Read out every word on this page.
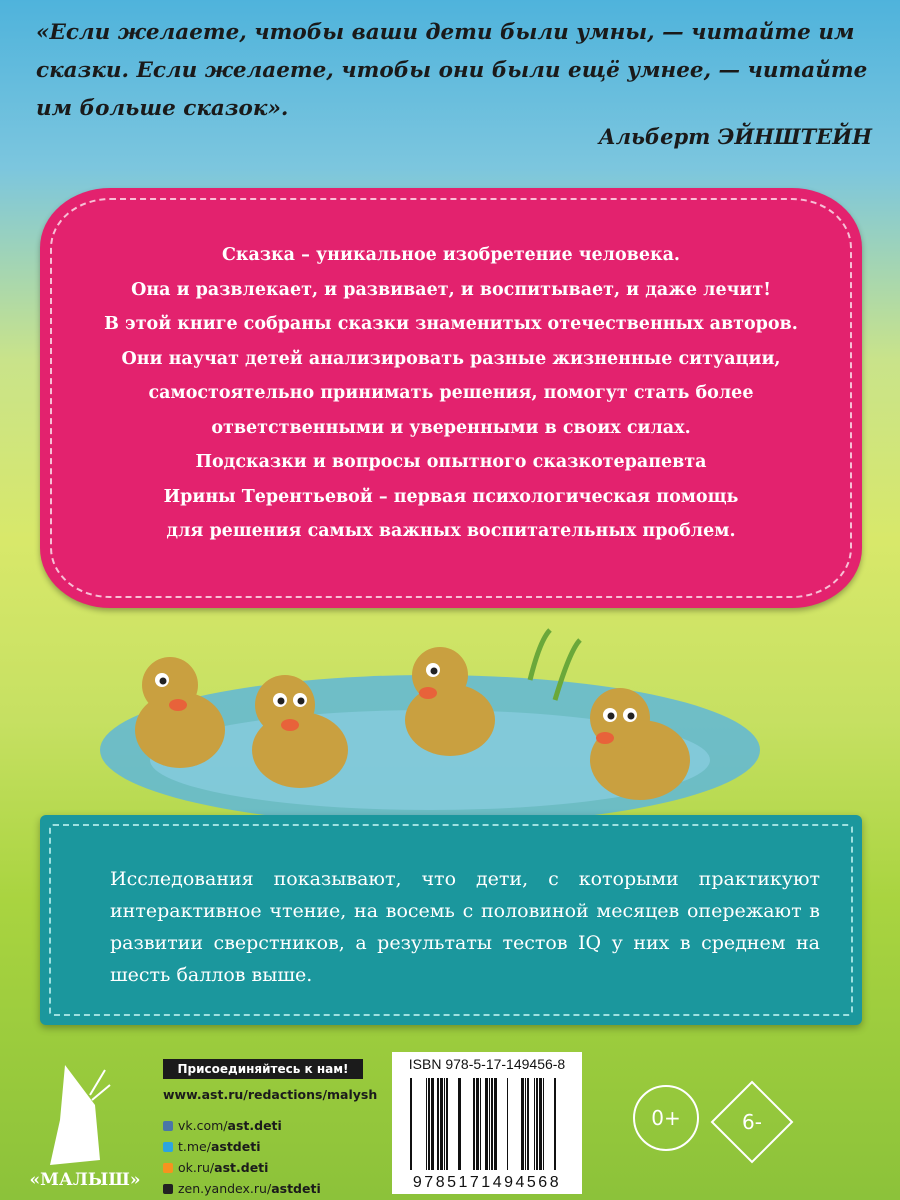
«Если желаете, чтобы ваши дети были умны, — читайте им сказки. Если желаете, чтобы они были ещё умнее, — читайте им больше сказок».
Альберт ЭЙНШТЕЙН
Сказка – уникальное изобретение человека.
Она и развлекает, и развивает, и воспитывает, и даже лечит!
В этой книге собраны сказки знаменитых отечественных авторов.
Они научат детей анализировать разные жизненные ситуации,
самостоятельно принимать решения, помогут стать более
ответственными и уверенными в своих силах.
Подсказки и вопросы опытного сказкотерапевта
Ирины Терентьевой – первая психологическая помощь
для решения самых важных воспитательных проблем.
Исследования показывают, что дети, с которыми практикуют интерактивное чтение, на восемь с половиной месяцев опережают в развитии сверстников, а результаты тестов IQ у них в среднем на шесть баллов выше.
«МАЛЫШ»
Присоединяйтесь к нам!
www.ast.ru/redactions/malysh
vk.com/ast.deti
t.me/astdeti
ok.ru/ast.deti
zen.yandex.ru/astdeti
ISBN 978-5-17-149456-8
9785171494568
0+	6-
